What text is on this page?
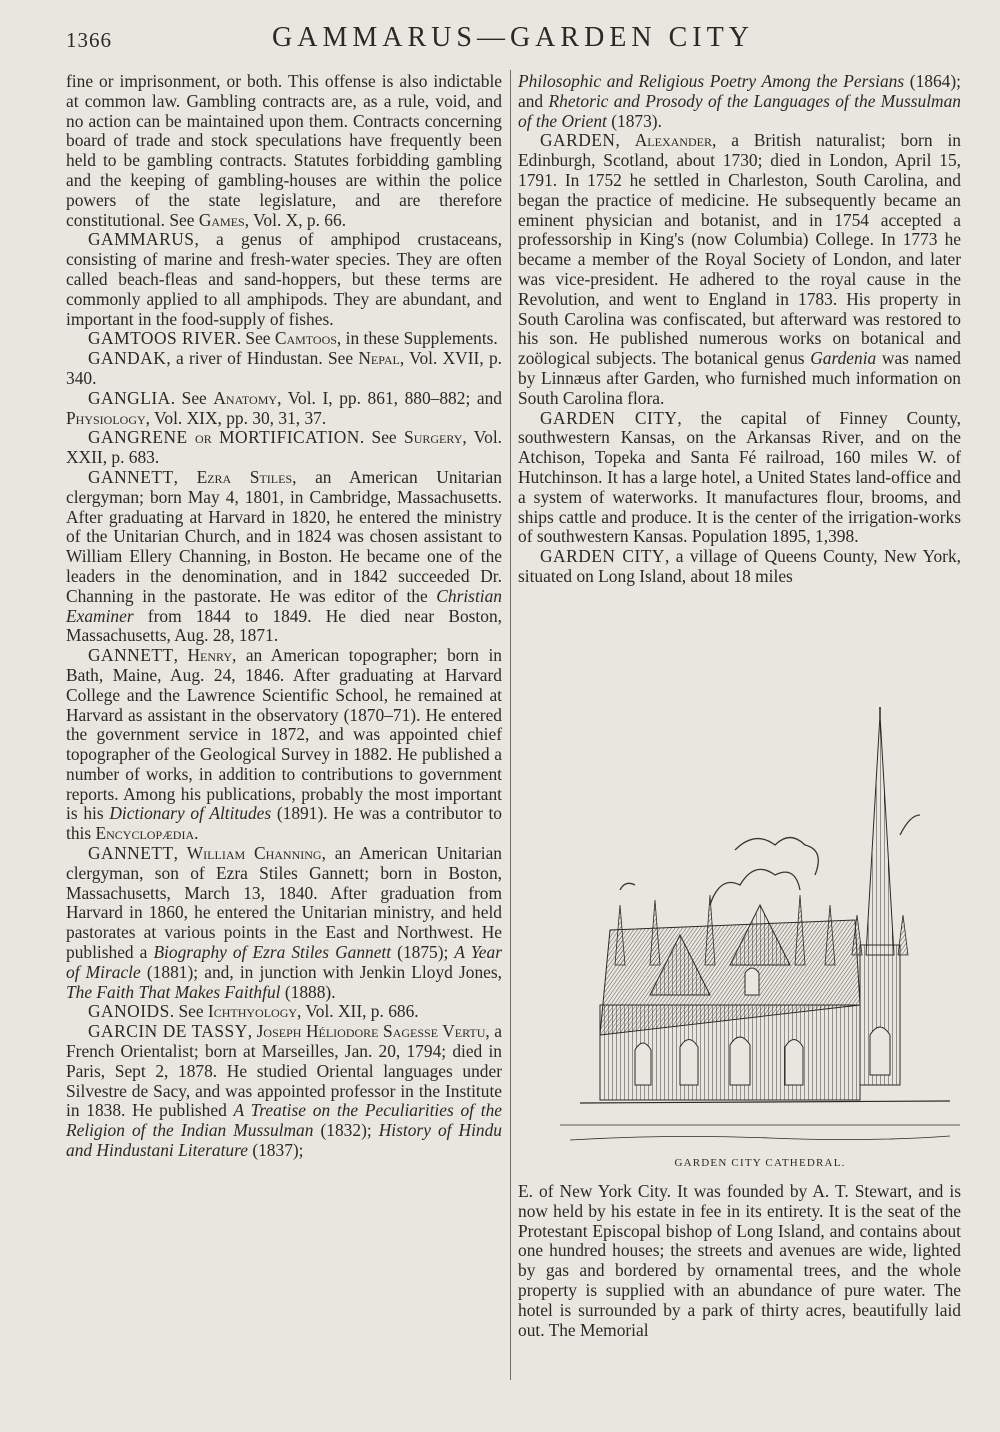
1366	GAMMARUS—GARDEN CITY

fine or imprisonment, or both. This offense is also indictable at common law. Gambling contracts are, as a rule, void, and no action can be maintained upon them. Contracts concerning board of trade and stock speculations have frequently been held to be gambling contracts. Statutes forbidding gambling and the keeping of gambling-houses are within the police powers of the state legislature, and are therefore constitutional. See Games, Vol. X, p. 66.

GAMMARUS, a genus of amphipod crustaceans, consisting of marine and fresh-water species. They are often called beach-fleas and sand-hoppers, but these terms are commonly applied to all amphipods. They are abundant, and important in the food-supply of fishes.

GAMTOOS RIVER. See Camtoos, in these Supplements.

GANDAK, a river of Hindustan. See Nepal, Vol. XVII, p. 340.

GANGLIA. See Anatomy, Vol. I, pp. 861, 880–882; and Physiology, Vol. XIX, pp. 30, 31, 37.

GANGRENE or MORTIFICATION. See Surgery, Vol. XXII, p. 683.

GANNETT, Ezra Stiles, an American Unitarian clergyman; born May 4, 1801, in Cambridge, Massachusetts. After graduating at Harvard in 1820, he entered the ministry of the Unitarian Church, and in 1824 was chosen assistant to William Ellery Channing, in Boston. He became one of the leaders in the denomination, and in 1842 succeeded Dr. Channing in the pastorate. He was editor of the Christian Examiner from 1844 to 1849. He died near Boston, Massachusetts, Aug. 28, 1871.

GANNETT, Henry, an American topographer; born in Bath, Maine, Aug. 24, 1846. After graduating at Harvard College and the Lawrence Scientific School, he remained at Harvard as assistant in the observatory (1870–71). He entered the government service in 1872, and was appointed chief topographer of the Geological Survey in 1882. He published a number of works, in addition to contributions to government reports. Among his publications, probably the most important is his Dictionary of Altitudes (1891). He was a contributor to this Encyclopædia.

GANNETT, William Channing, an American Unitarian clergyman, son of Ezra Stiles Gannett; born in Boston, Massachusetts, March 13, 1840. After graduation from Harvard in 1860, he entered the Unitarian ministry, and held pastorates at various points in the East and Northwest. He published a Biography of Ezra Stiles Gannett (1875); A Year of Miracle (1881); and, in junction with Jenkin Lloyd Jones, The Faith That Makes Faithful (1888).

GANOIDS. See Ichthyology, Vol. XII, p. 686.

GARCIN DE TASSY, Joseph Héliodore Sagesse Vertu, a French Orientalist; born at Marseilles, Jan. 20, 1794; died in Paris, Sept 2, 1878. He studied Oriental languages under Silvestre de Sacy, and was appointed professor in the Institute in 1838. He published A Treatise on the Peculiarities of the Religion of the Indian Mussulman (1832); History of Hindu and Hindustani Literature (1837);

Philosophic and Religious Poetry Among the Persians (1864); and Rhetoric and Prosody of the Languages of the Mussulman of the Orient (1873).

GARDEN, Alexander, a British naturalist; born in Edinburgh, Scotland, about 1730; died in London, April 15, 1791. In 1752 he settled in Charleston, South Carolina, and began the practice of medicine. He subsequently became an eminent physician and botanist, and in 1754 accepted a professorship in King's (now Columbia) College. In 1773 he became a member of the Royal Society of London, and later was vice-president. He adhered to the royal cause in the Revolution, and went to England in 1783. His property in South Carolina was confiscated, but afterward was restored to his son. He published numerous works on botanical and zoölogical subjects. The botanical genus Gardenia was named by Linnæus after Garden, who furnished much information on South Carolina flora.

GARDEN CITY, the capital of Finney County, southwestern Kansas, on the Arkansas River, and on the Atchison, Topeka and Santa Fé railroad, 160 miles W. of Hutchinson. It has a large hotel, a United States land-office and a system of waterworks. It manufactures flour, brooms, and ships cattle and produce. It is the center of the irrigation-works of southwestern Kansas. Population 1895, 1,398.

GARDEN CITY, a village of Queens County, New York, situated on Long Island, about 18 miles

GARDEN CITY CATHEDRAL.

E. of New York City. It was founded by A. T. Stewart, and is now held by his estate in fee in its entirety. It is the seat of the Protestant Episcopal bishop of Long Island, and contains about one hundred houses; the streets and avenues are wide, lighted by gas and bordered by ornamental trees, and the whole property is supplied with an abundance of pure water. The hotel is surrounded by a park of thirty acres, beautifully laid out. The Memorial
